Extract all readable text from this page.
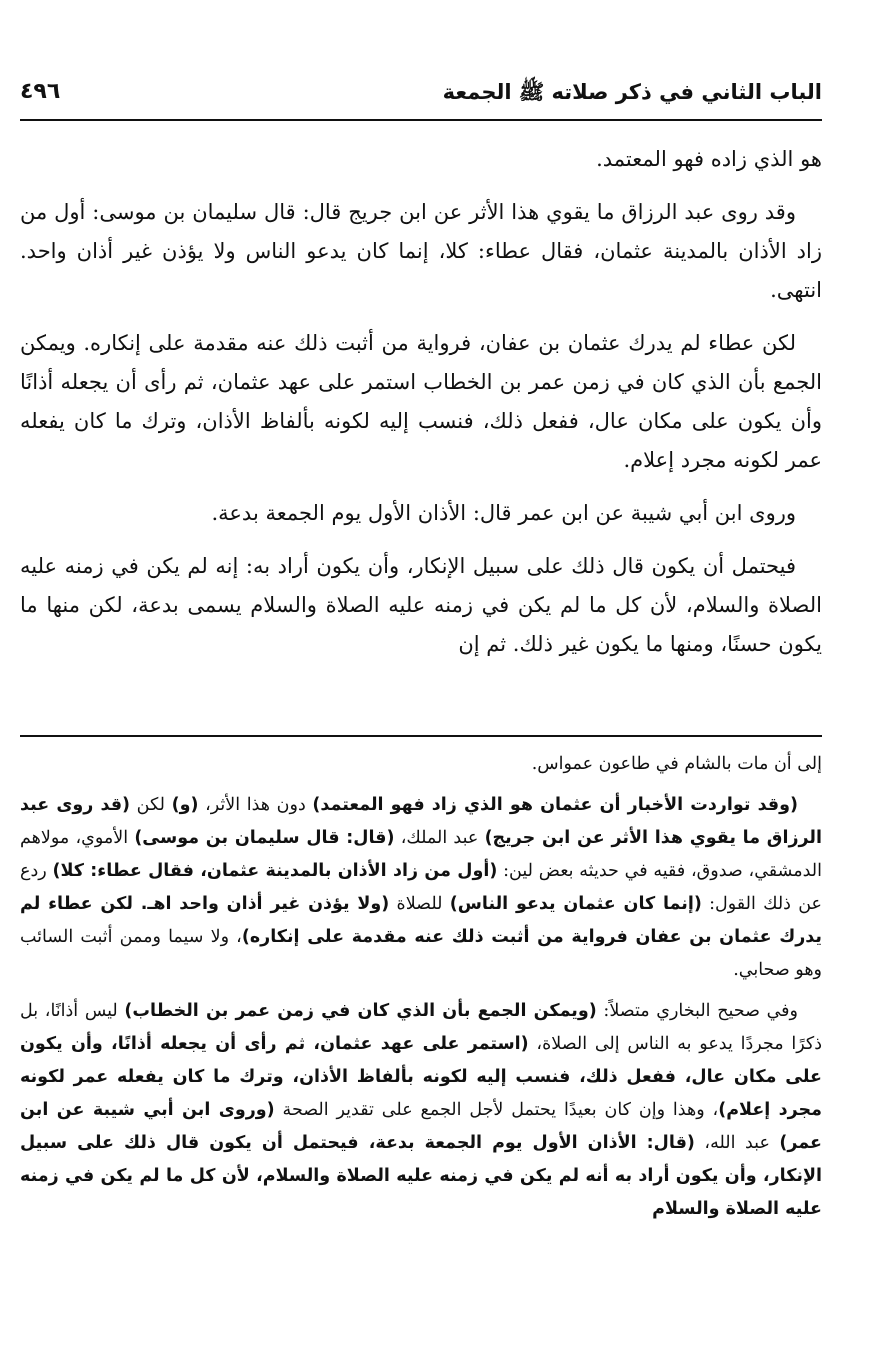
الباب الثاني في ذكر صلاته ﷺ الجمعة
٤٩٦

هو الذي زاده فهو المعتمد.

وقد روى عبد الرزاق ما يقوي هذا الأثر عن ابن جريج قال: قال سليمان بن موسى: أول من زاد الأذان بالمدينة عثمان، فقال عطاء: كلا، إنما كان يدعو الناس ولا يؤذن غير أذان واحد. انتهى.

لكن عطاء لم يدرك عثمان بن عفان، فرواية من أثبت ذلك عنه مقدمة على إنكاره. ويمكن الجمع بأن الذي كان في زمن عمر بن الخطاب استمر على عهد عثمان، ثم رأى أن يجعله أذانًا وأن يكون على مكان عال، ففعل ذلك، فنسب إليه لكونه بألفاظ الأذان، وترك ما كان يفعله عمر لكونه مجرد إعلام.

وروى ابن أبي شيبة عن ابن عمر قال: الأذان الأول يوم الجمعة بدعة.

فيحتمل أن يكون قال ذلك على سبيل الإنكار، وأن يكون أراد به: إنه لم يكن في زمنه عليه الصلاة والسلام، لأن كل ما لم يكن في زمنه عليه الصلاة والسلام يسمى بدعة، لكن منها ما يكون حسنًا، ومنها ما يكون غير ذلك. ثم إن

إلى أن مات بالشام في طاعون عمواس.

(وقد تواردت الأخبار أن عثمان هو الذي زاد فهو المعتمد) دون هذا الأثر، (و) لكن (قد روى عبد الرزاق ما يقوي هذا الأثر عن ابن جريج) عبد الملك، (قال: قال سليمان بن موسى) الأموي، مولاهم الدمشقي، صدوق، فقيه في حديثه بعض لين: (أول من زاد الأذان بالمدينة عثمان، فقال عطاء: كلا) ردع عن ذلك القول: (إنما كان عثمان يدعو الناس) للصلاة (ولا يؤذن غير أذان واحد اهـ. لكن عطاء لم يدرك عثمان بن عفان فرواية من أثبت ذلك عنه مقدمة على إنكاره)، ولا سيما وممن أثبت السائب وهو صحابي.

وفي صحيح البخاري متصلاً: (ويمكن الجمع بأن الذي كان في زمن عمر بن الخطاب) ليس أذانًا، بل ذكرًا مجردًا يدعو به الناس إلى الصلاة، (استمر على عهد عثمان، ثم رأى أن يجعله أذانًا، وأن يكون على مكان عال، ففعل ذلك، فنسب إليه لكونه بألفاظ الأذان، وترك ما كان يفعله عمر لكونه مجرد إعلام)، وهذا وإن كان بعيدًا يحتمل لأجل الجمع على تقدير الصحة (وروى ابن أبي شيبة عن ابن عمر) عبد الله، (قال: الأذان الأول يوم الجمعة بدعة، فيحتمل أن يكون قال ذلك على سبيل الإنكار، وأن يكون أراد به أنه لم يكن في زمنه عليه الصلاة والسلام، لأن كل ما لم يكن في زمنه عليه الصلاة والسلام
